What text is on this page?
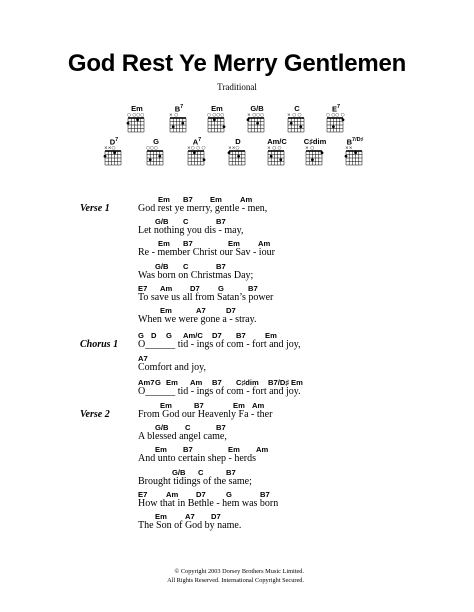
God Rest Ye Merry Gentlemen
Traditional
Em
○ ○○○
$B^7$
× ○
Em
○ ○○○
G/B
× ○○○
C
× ○ ○
$E^7$
○ ○○ ○
$D^7$
××○
G
○○○
$A^7$
×○ ○ ○
D
××○
Am/C
× ○ ○
C♯dim
× ○
$B^{7/D♯}$
××
Verse 1
Em B7 Em Am
God rest ye merry, gentle - men,
G/B C	B7
Let nothing you dis - may,
Em B7	Em Am
Re - member Christ our Sav - iour
G/B C	B7
Was born on Christmas Day;
E7 Am D7 G	B7
To save us all from Satan’s power
Em	A7	D7
When we were gone a - stray.
Chorus 1
G D G Am/C D7 B7	Em
O______ tid - ings of com - fort and joy,
A7
Comfort and joy,
Am7 G Em Am B7 C♯dim B7/D♯ Em
O______ tid - ings of com - fort and joy.
Verse 2
Em	B7	Em Am
From God our Heavenly Fa - ther
G/B C	B7
A blessed angel came,
Em B7	Em Am
And unto certain shep - herds
G/B C	B7
Brought tidings of the same;
E7 Am D7	G	B7
How that in Bethle - hem was born
Em A7 D7
The Son of God by name.
© Copyright 2003 Dorsey Brothers Music Limited.
All Rights Reserved. International Copyright Secured.
